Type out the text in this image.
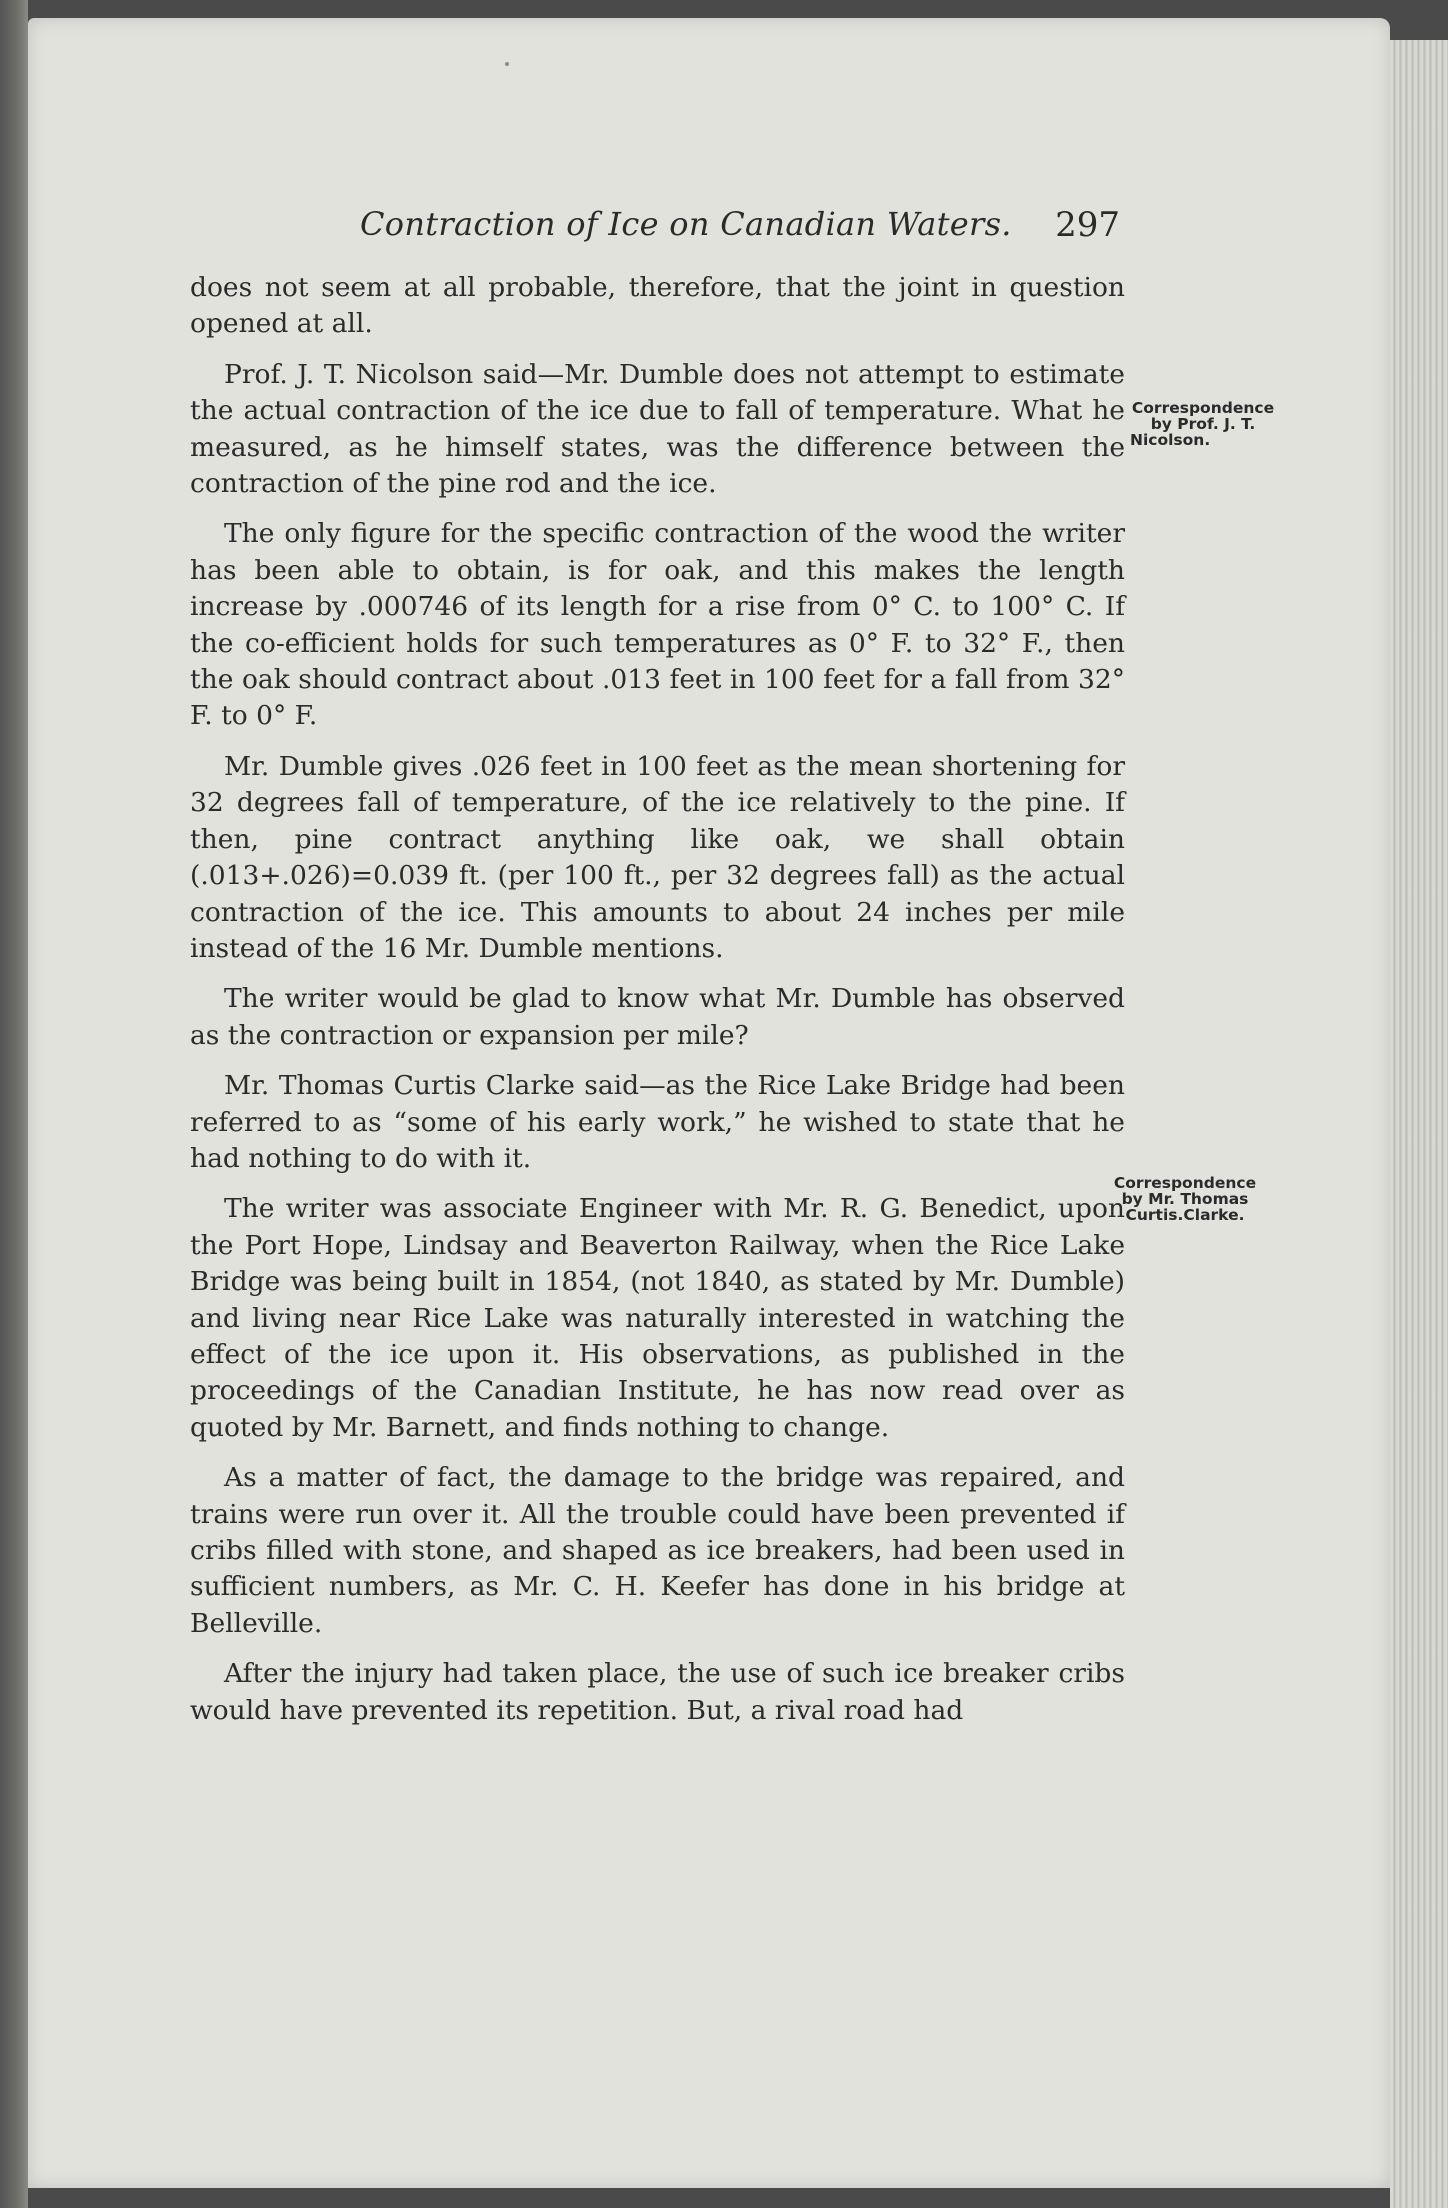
Contraction of Ice on Canadian Waters. 297

does not seem at all probable, therefore, that the joint in question opened at all.

Prof. J. T. Nicolson said—Mr. Dumble does not attempt to estimate the actual contraction of the ice due to fall of temperature. What he measured, as he himself states, was the difference between the contraction of the pine rod and the ice.

The only figure for the specific contraction of the wood the writer has been able to obtain, is for oak, and this makes the length increase by .000746 of its length for a rise from 0° C. to 100° C. If the co-efficient holds for such temperatures as 0° F. to 32° F., then the oak should contract about .013 feet in 100 feet for a fall from 32° F. to 0° F.

Mr. Dumble gives .026 feet in 100 feet as the mean shortening for 32 degrees fall of temperature, of the ice relatively to the pine. If then, pine contract anything like oak, we shall obtain (.013+.026)=0.039 ft. (per 100 ft., per 32 degrees fall) as the actual contraction of the ice. This amounts to about 24 inches per mile instead of the 16 Mr. Dumble mentions.

The writer would be glad to know what Mr. Dumble has observed as the contraction or expansion per mile?

Mr. Thomas Curtis Clarke said—as the Rice Lake Bridge had been referred to as “some of his early work,” he wished to state that he had nothing to do with it.

The writer was associate Engineer with Mr. R. G. Benedict, upon the Port Hope, Lindsay and Beaverton Railway, when the Rice Lake Bridge was being built in 1854, (not 1840, as stated by Mr. Dumble) and living near Rice Lake was naturally interested in watching the effect of the ice upon it. His observations, as published in the proceedings of the Canadian Institute, he has now read over as quoted by Mr. Barnett, and finds nothing to change.

As a matter of fact, the damage to the bridge was repaired, and trains were run over it. All the trouble could have been prevented if cribs filled with stone, and shaped as ice breakers, had been used in sufficient numbers, as Mr. C. H. Keefer has done in his bridge at Belleville.

After the injury had taken place, the use of such ice breaker cribs would have prevented its repetition. But, a rival road had

Correspondence
by Prof. J. T.
Nicolson.
Correspondence
by Mr. Thomas
Curtis.Clarke.
